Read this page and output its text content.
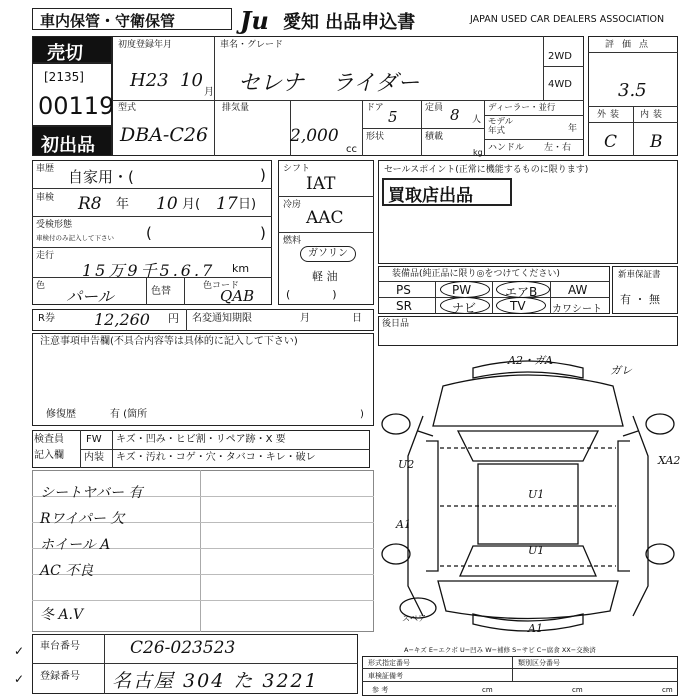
車内保管・守衛保管	Ju 愛知 出品申込書	JAPAN USED CAR DEALERS ASSOCIATION
売切
[2135]
00119
初出品
初度登録年月
H23 10
月
車名・グレード
セレナ ライダー
2WD
4WD
型式
DBA-C26
排気量
2,000
cc
ドア 5	定員 8 人
形状	積載
kg
ディーラー・並行
モデル
年式	年
ハンドル 左・右
評価点
3.5
外装 内装
C B
車歴 自家用・(	)
車検 R8 年 10 月( 17 日)
受検形態
車検付のみ記入して下さい (	)
走行
15万9千5.6.7 km
色
パール	色替	色コード
QAB
シフト
IAT
冷房
AAC
燃料
ガソリン
軽 油
(            )
セールスポイント(正常に機能するものに限ります)
買取店出品
装備品(純正品に限り◎をつけてください)
PS	PW	エアB	AW
SR	ナビ	TV	カワシート
新車保証書
有 ・ 無
R券 12,260 円 名変通知期限	月	日 後日品
注意事項申告欄(不具合内容等は具体的に記入して下さい)
修復歴	有 (箇所	)
検査員
記入欄
FW キズ・凹み・ヒビ割・リペア跡・X 要
内装 キズ・汚れ・コゲ・穴・タバコ・キレ・破レ
シートヤバー 有
Rワイパー 欠
ホイール A
AC 不良
冬 A.V
車台番号	C26-023523
登録番号 名古屋 304 た 3221
✓
✓
A2・ガA
ガレ
U2	XA2
A1
U1
U1
A1
スペア
A−キズ E−エクボ U−凹み W−補修 S−サビ C−腐食 XX−交換済
形式指定番号	類別区分番号
車検証備考
参 考	cm	cm	cm
